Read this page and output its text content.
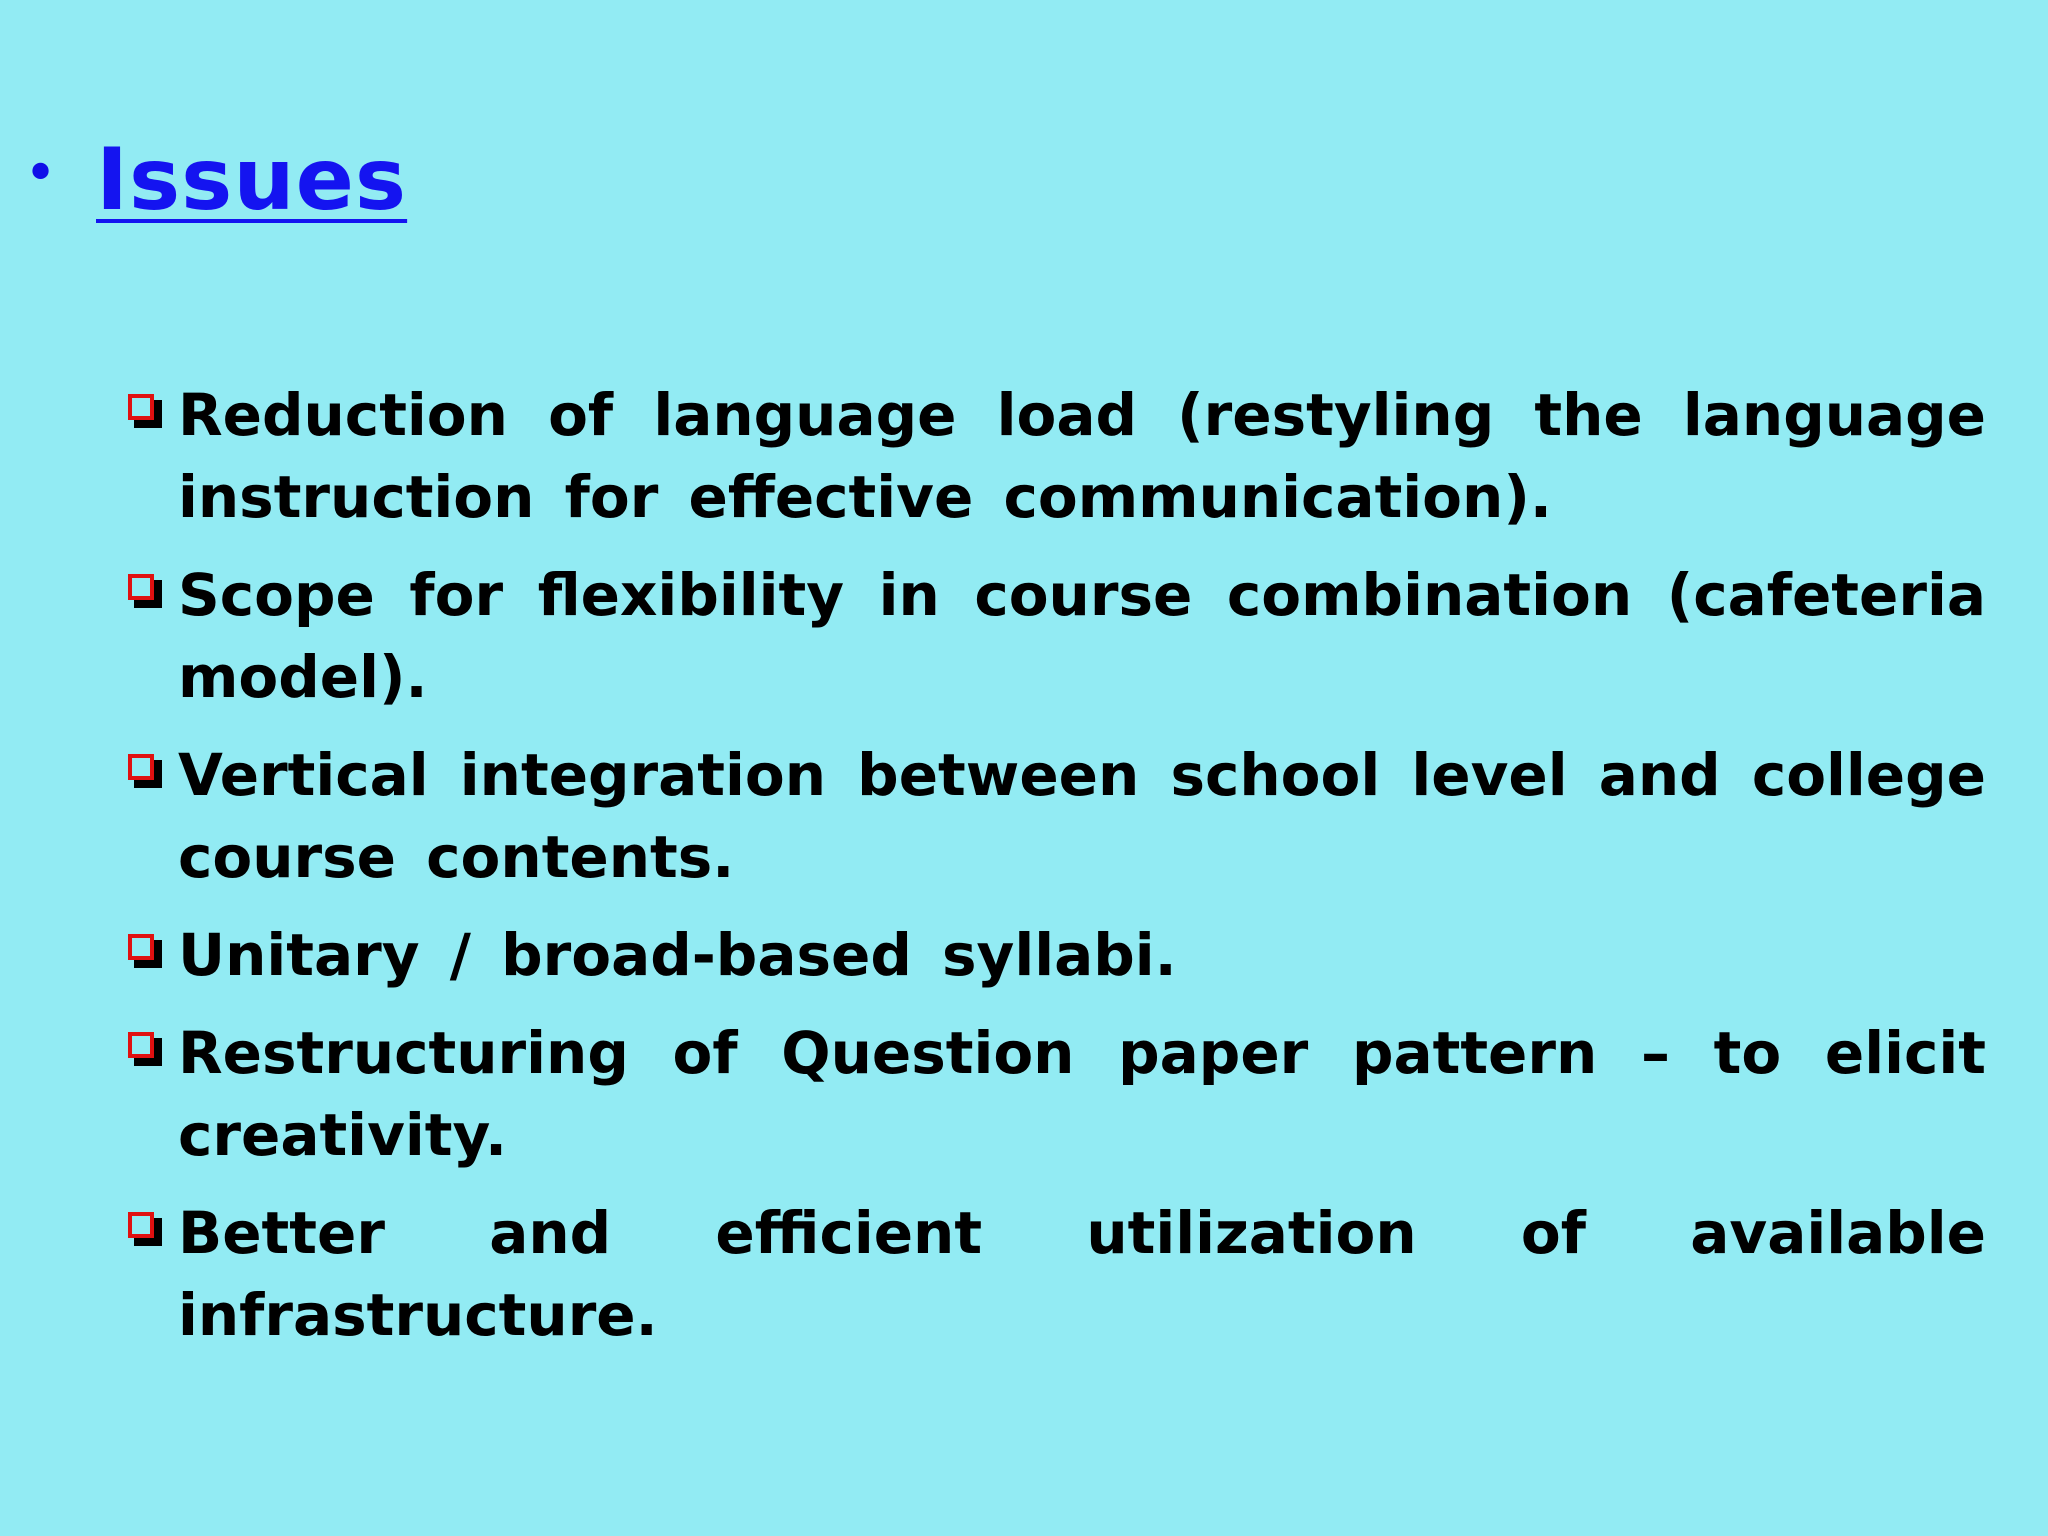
• Issues
Reduction of language load (restyling the language instruction for effective communication).
Scope for flexibility in course combination (cafeteria model).
Vertical integration between school level and college course contents.
Unitary / broad-based syllabi.
Restructuring of Question paper pattern – to elicit creativity.
Better and efficient utilization of available infrastructure.
